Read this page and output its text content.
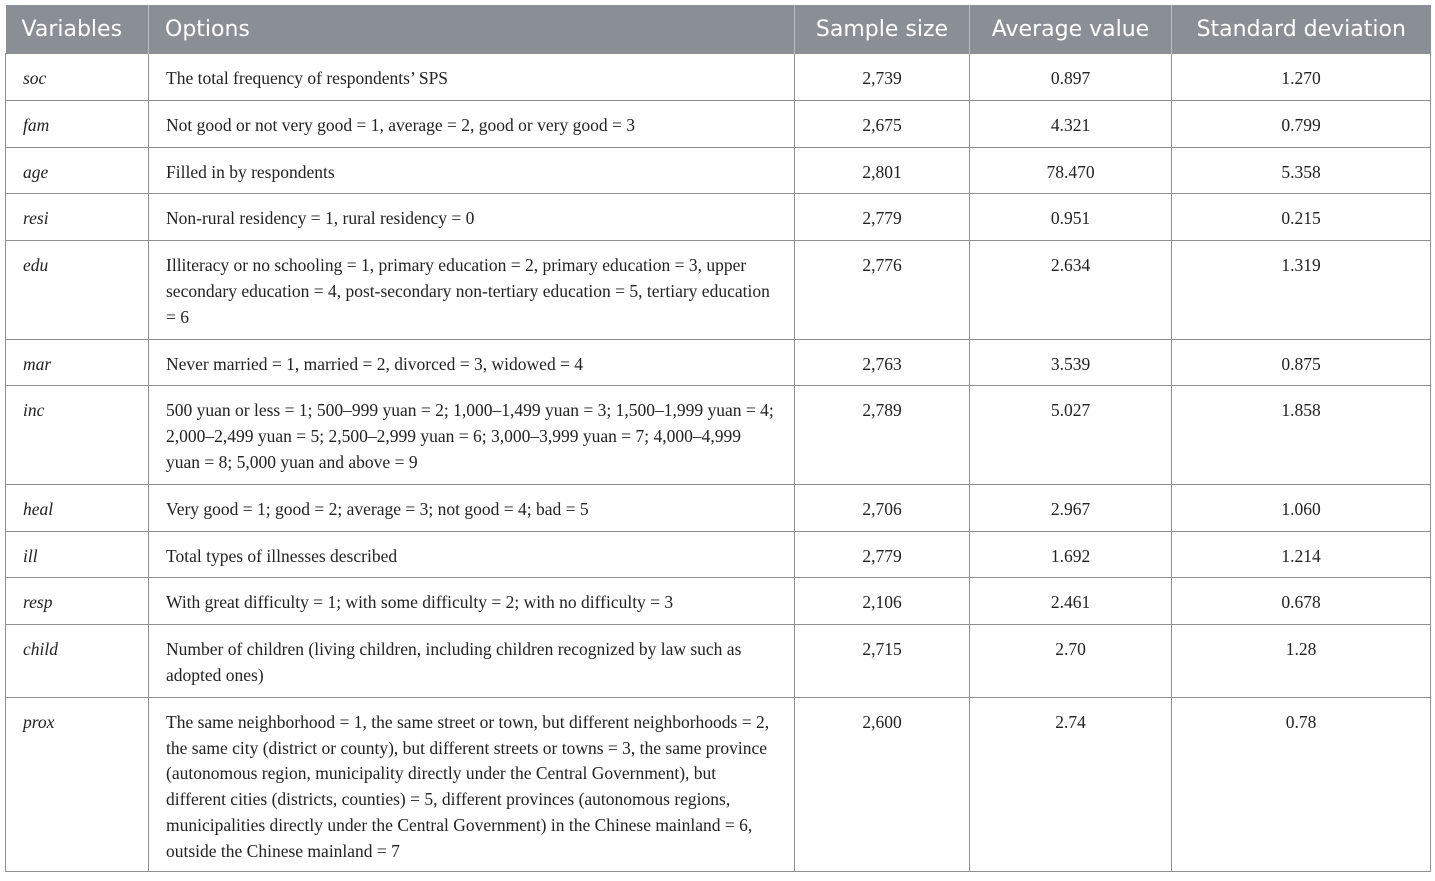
Variables	Options	Sample size	Average value	Standard deviation
soc	The total frequency of respondents’ SPS	2,739	0.897	1.270
fam	Not good or not very good = 1, average = 2, good or very good = 3	2,675	4.321	0.799
age	Filled in by respondents	2,801	78.470	5.358
resi	Non-rural residency = 1, rural residency = 0	2,779	0.951	0.215
edu	Illiteracy or no schooling = 1, primary education = 2, primary education = 3, upper secondary education = 4, post-secondary non-tertiary education = 5, tertiary education = 6	2,776	2.634	1.319
mar	Never married = 1, married = 2, divorced = 3, widowed = 4	2,763	3.539	0.875
inc	500 yuan or less = 1; 500–999 yuan = 2; 1,000–1,499 yuan = 3; 1,500–1,999 yuan = 4; 2,000–2,499 yuan = 5; 2,500–2,999 yuan = 6; 3,000–3,999 yuan = 7; 4,000–4,999 yuan = 8; 5,000 yuan and above = 9	2,789	5.027	1.858
heal	Very good = 1; good = 2; average = 3; not good = 4; bad = 5	2,706	2.967	1.060
ill	Total types of illnesses described	2,779	1.692	1.214
resp	With great difficulty = 1; with some difficulty = 2; with no difficulty = 3	2,106	2.461	0.678
child	Number of children (living children, including children recognized by law such as adopted ones)	2,715	2.70	1.28
prox	The same neighborhood = 1, the same street or town, but different neighborhoods = 2, the same city (district or county), but different streets or towns = 3, the same province (autonomous region, municipality directly under the Central Government), but different cities (districts, counties) = 5, different provinces (autonomous regions, municipalities directly under the Central Government) in the Chinese mainland = 6, outside the Chinese mainland = 7	2,600	2.74	0.78
